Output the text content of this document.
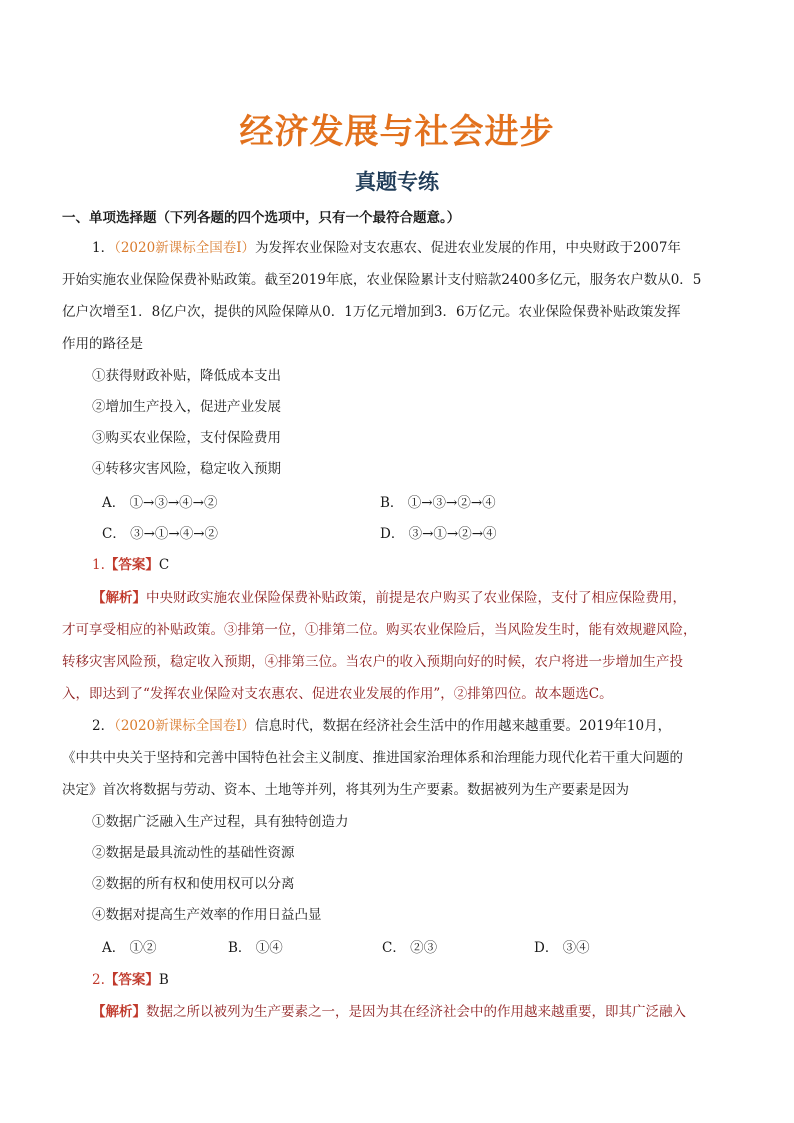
经济发展与社会进步
真题专练
一、单项选择题（下列各题的四个选项中，只有一个最符合题意。）
1．（2020新课标全国卷Ⅰ）为发挥农业保险对支农惠农、促进农业发展的作用，中央财政于2007年
开始实施农业保险保费补贴政策。截至2019年底，农业保险累计支付赔款2400多亿元，服务农户数从0．5
亿户次增至1．8亿户次，提供的风险保障从0．1万亿元增加到3．6万亿元。农业保险保费补贴政策发挥
作用的路径是
①获得财政补贴，降低成本支出
②增加生产投入，促进产业发展
③购买农业保险，支付保险费用
④转移灾害风险，稳定收入预期
A． ①→③→④→②	B． ①→③→②→④
C． ③→①→④→②	D． ③→①→②→④
1.【答案】C
【解析】中央财政实施农业保险保费补贴政策，前提是农户购买了农业保险，支付了相应保险费用，
才可享受相应的补贴政策。③排第一位，①排第二位。购买农业保险后，当风险发生时，能有效规避风险，
转移灾害风险预，稳定收入预期，④排第三位。当农户的收入预期向好的时候，农户将进一步增加生产投
入，即达到了“发挥农业保险对支农惠农、促进农业发展的作用”，②排第四位。故本题选C。
2．（2020新课标全国卷Ⅰ）信息时代，数据在经济社会生活中的作用越来越重要。2019年10月，
《中共中央关于坚持和完善中国特色社会主义制度、推进国家治理体系和治理能力现代化若干重大问题的
决定》首次将数据与劳动、资本、土地等并列，将其列为生产要素。数据被列为生产要素是因为
①数据广泛融入生产过程，具有独特创造力
②数据是最具流动性的基础性资源
②数据的所有权和使用权可以分离
④数据对提高生产效率的作用日益凸显
A． ①②	B． ①④	C． ②③	D． ③④
2.【答案】B
【解析】数据之所以被列为生产要素之一，是因为其在经济社会中的作用越来越重要，即其广泛融入
